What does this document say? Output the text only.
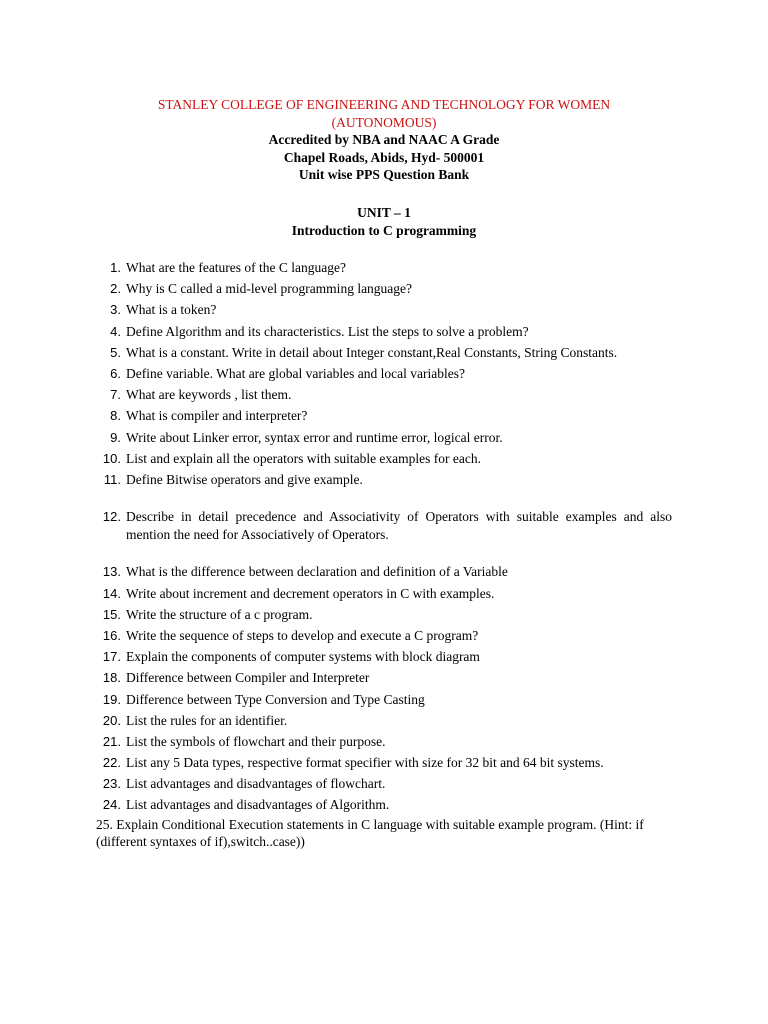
STANLEY COLLEGE OF ENGINEERING AND TECHNOLOGY FOR WOMEN
(AUTONOMOUS)
Accredited by NBA and NAAC A Grade
Chapel Roads, Abids, Hyd- 500001
Unit wise PPS Question Bank
UNIT – 1
Introduction to C programming
1. What are the features of the C language?
2. Why is C called a mid-level programming language?
3. What is a token?
4. Define Algorithm and its characteristics. List the steps to solve a problem?
5. What is a constant. Write in detail about Integer constant,Real Constants, String Constants.
6. Define variable. What are global variables and local variables?
7. What are keywords , list them.
8. What is compiler and interpreter?
9. Write about Linker error, syntax error and runtime error, logical error.
10. List and explain all the operators with suitable examples for each.
11. Define Bitwise operators and give example.
12. Describe in detail precedence and Associativity of Operators with suitable examples and also mention the need for Associatively of Operators.
13. What is the difference between declaration and definition of a Variable
14. Write about increment and decrement operators in C with examples.
15. Write the structure of a c program.
16. Write the sequence of steps to develop and execute a C program?
17. Explain the components of computer systems with block diagram
18. Difference between Compiler and Interpreter
19. Difference between Type Conversion and Type Casting
20. List the rules for an identifier.
21. List the symbols of flowchart and their purpose.
22. List any 5 Data types, respective format specifier with size for 32 bit and 64 bit systems.
23. List advantages and disadvantages of flowchart.
24. List advantages and disadvantages of Algorithm.
25. Explain Conditional Execution statements in C language with suitable example program. (Hint: if (different syntaxes of if),switch..case))
